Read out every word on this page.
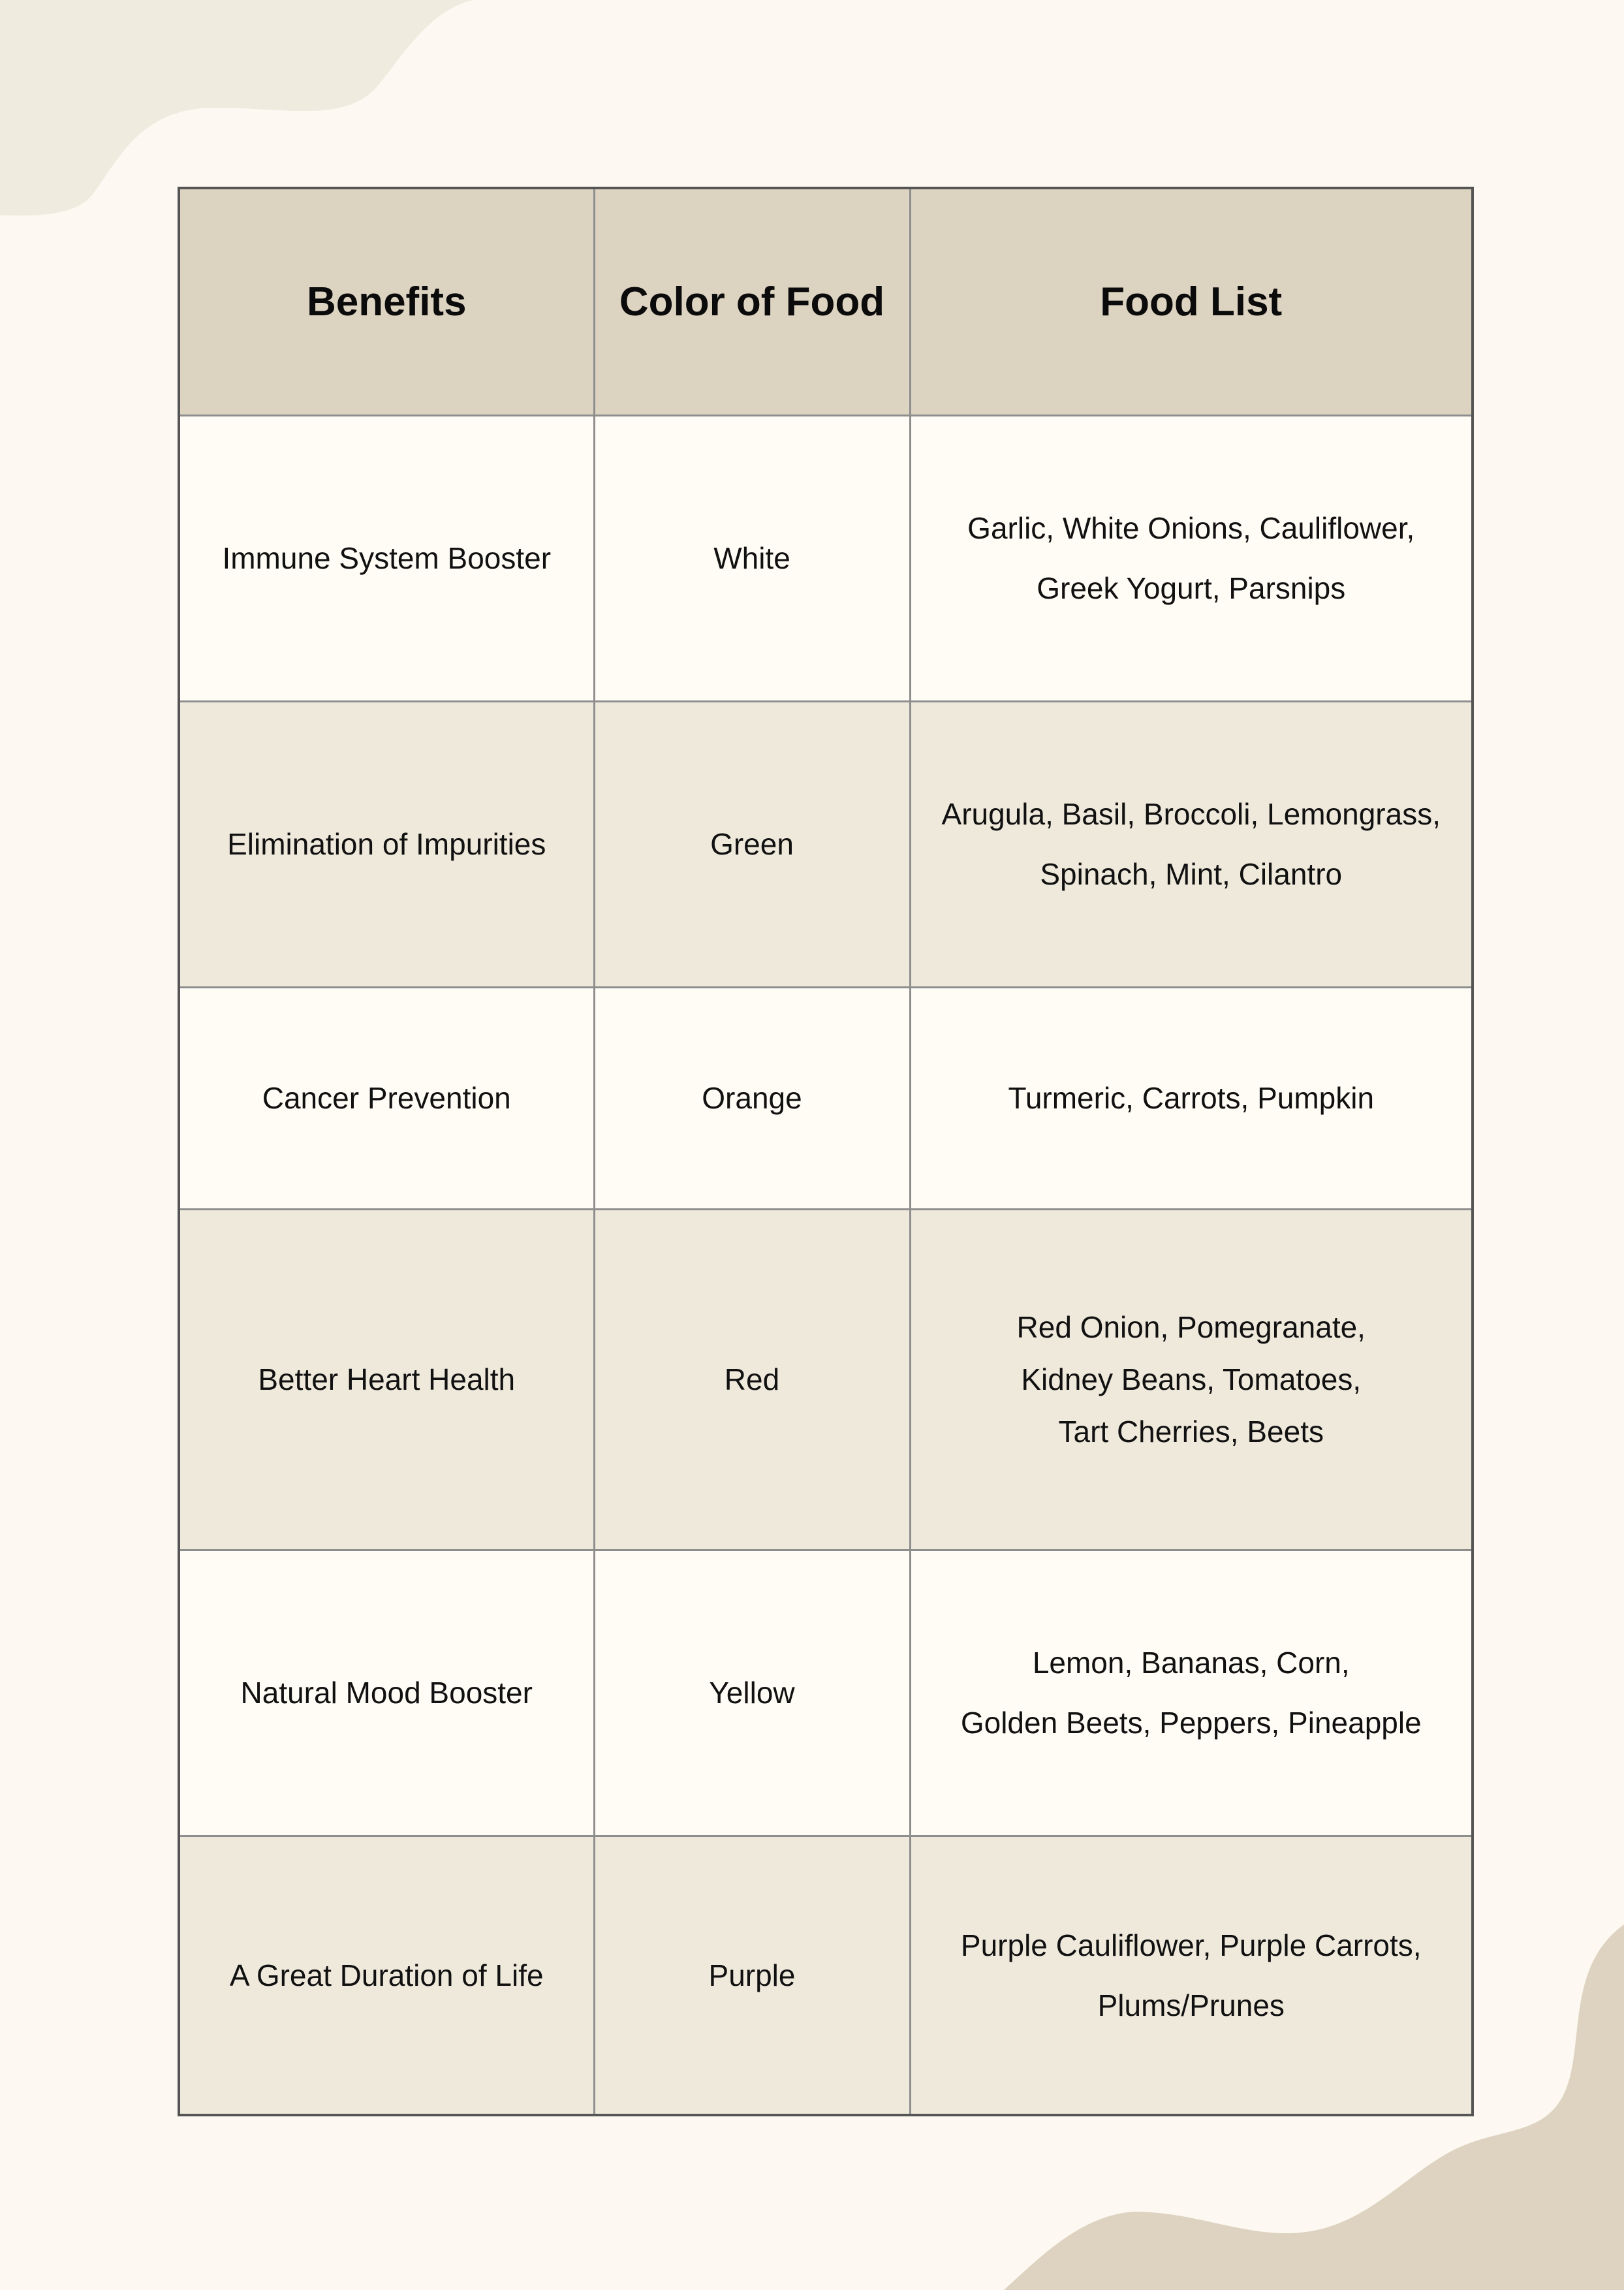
Benefits	Color of Food	Food List
Immune System Booster	White	Garlic, White Onions, Cauliflower,
Greek Yogurt, Parsnips

Elimination of Impurities	Green	Arugula, Basil, Broccoli, Lemongrass,
Spinach, Mint, Cilantro

Cancer Prevention	Orange	Turmeric, Carrots, Pumpkin

Better Heart Health	Red	Red Onion, Pomegranate,
Kidney Beans, Tomatoes,
Tart Cherries, Beets

Natural Mood Booster	Yellow	Lemon, Bananas, Corn,
Golden Beets, Peppers, Pineapple

A Great Duration of Life	Purple	Purple Cauliflower, Purple Carrots,
Plums/Prunes
